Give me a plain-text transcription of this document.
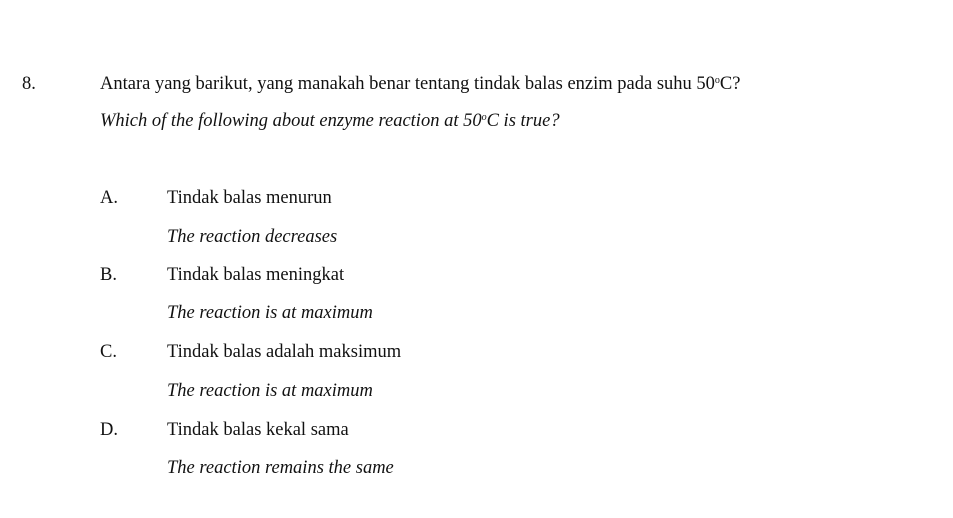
8.	Antara yang barikut, yang manakah benar tentang tindak balas enzim pada suhu 50$^o$C?
Which of the following about enzyme reaction at 50$^o$C is true?
A.	Tindak balas menurun
The reaction decreases
B.	Tindak balas meningkat
The reaction is at maximum
C.	Tindak balas adalah maksimum
The reaction is at maximum
D.	Tindak balas kekal sama
The reaction remains the same
